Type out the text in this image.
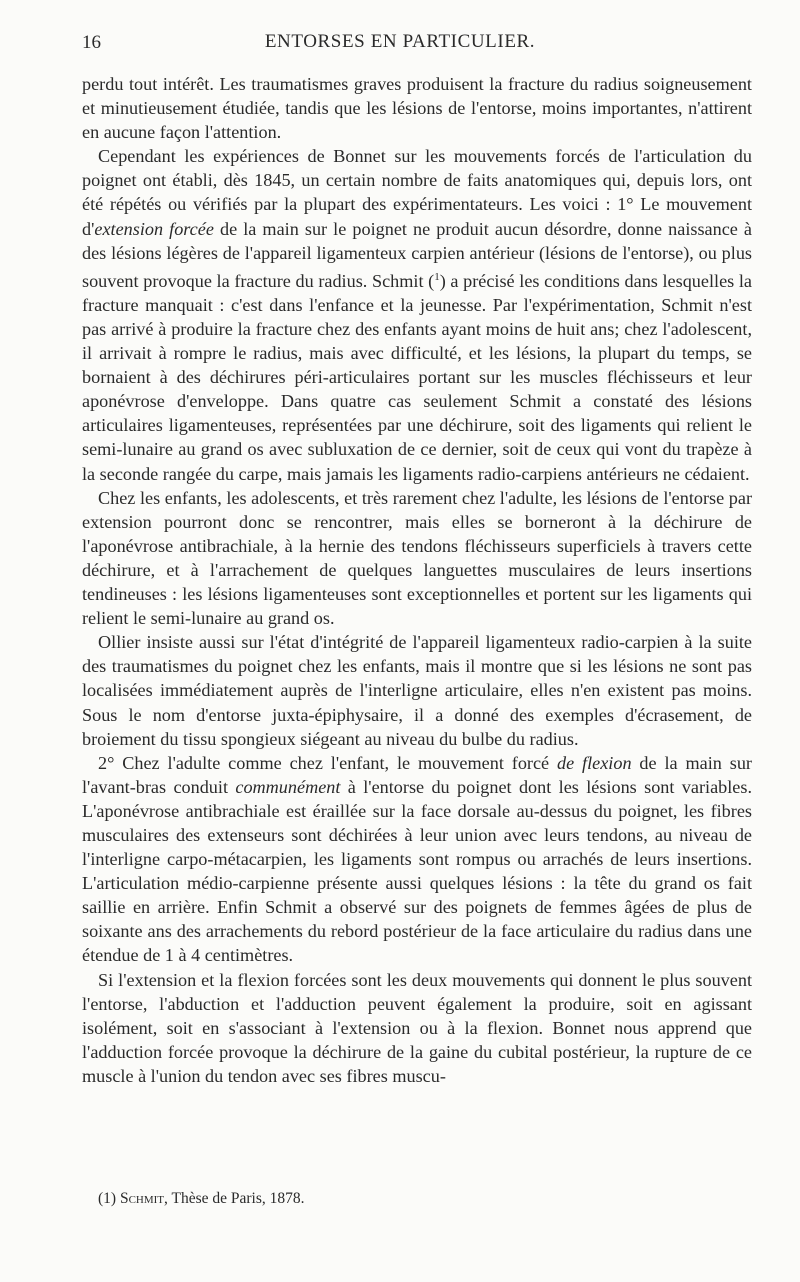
16	ENTORSES EN PARTICULIER.

perdu tout intérêt. Les traumatismes graves produisent la fracture du radius soigneusement et minutieusement étudiée, tandis que les lésions de l'entorse, moins importantes, n'attirent en aucune façon l'attention.

Cependant les expériences de Bonnet sur les mouvements forcés de l'articulation du poignet ont établi, dès 1845, un certain nombre de faits anatomiques qui, depuis lors, ont été répétés ou vérifiés par la plupart des expérimentateurs. Les voici : 1° Le mouvement d'extension forcée de la main sur le poignet ne produit aucun désordre, donne naissance à des lésions légères de l'appareil ligamenteux carpien antérieur (lésions de l'entorse), ou plus souvent provoque la fracture du radius. Schmit ($^1$) a précisé les conditions dans lesquelles la fracture manquait : c'est dans l'enfance et la jeunesse. Par l'expérimentation, Schmit n'est pas arrivé à produire la fracture chez des enfants ayant moins de huit ans; chez l'adolescent, il arrivait à rompre le radius, mais avec difficulté, et les lésions, la plupart du temps, se bornaient à des déchirures péri-articulaires portant sur les muscles fléchisseurs et leur aponévrose d'enveloppe. Dans quatre cas seulement Schmit a constaté des lésions articulaires ligamenteuses, représentées par une déchirure, soit des ligaments qui relient le semi-lunaire au grand os avec subluxation de ce dernier, soit de ceux qui vont du trapèze à la seconde rangée du carpe, mais jamais les ligaments radio-carpiens antérieurs ne cédaient.

Chez les enfants, les adolescents, et très rarement chez l'adulte, les lésions de l'entorse par extension pourront donc se rencontrer, mais elles se borneront à la déchirure de l'aponévrose antibrachiale, à la hernie des tendons fléchisseurs superficiels à travers cette déchirure, et à l'arrachement de quelques languettes musculaires de leurs insertions tendineuses : les lésions ligamenteuses sont exceptionnelles et portent sur les ligaments qui relient le semi-lunaire au grand os.

Ollier insiste aussi sur l'état d'intégrité de l'appareil ligamenteux radio-carpien à la suite des traumatismes du poignet chez les enfants, mais il montre que si les lésions ne sont pas localisées immédiatement auprès de l'interligne articulaire, elles n'en existent pas moins. Sous le nom d'entorse juxta-épiphysaire, il a donné des exemples d'écrasement, de broiement du tissu spongieux siégeant au niveau du bulbe du radius.

2° Chez l'adulte comme chez l'enfant, le mouvement forcé de flexion de la main sur l'avant-bras conduit communément à l'entorse du poignet dont les lésions sont variables. L'aponévrose antibrachiale est éraillée sur la face dorsale au-dessus du poignet, les fibres musculaires des extenseurs sont déchirées à leur union avec leurs tendons, au niveau de l'interligne carpo-métacarpien, les ligaments sont rompus ou arrachés de leurs insertions. L'articulation médio-carpienne présente aussi quelques lésions : la tête du grand os fait saillie en arrière. Enfin Schmit a observé sur des poignets de femmes âgées de plus de soixante ans des arrachements du rebord postérieur de la face articulaire du radius dans une étendue de 1 à 4 centimètres.

Si l'extension et la flexion forcées sont les deux mouvements qui donnent le plus souvent l'entorse, l'abduction et l'adduction peuvent également la produire, soit en agissant isolément, soit en s'associant à l'extension ou à la flexion. Bonnet nous apprend que l'adduction forcée provoque la déchirure de la gaine du cubital postérieur, la rupture de ce muscle à l'union du tendon avec ses fibres muscu-

(1) Schmit, Thèse de Paris, 1878.
